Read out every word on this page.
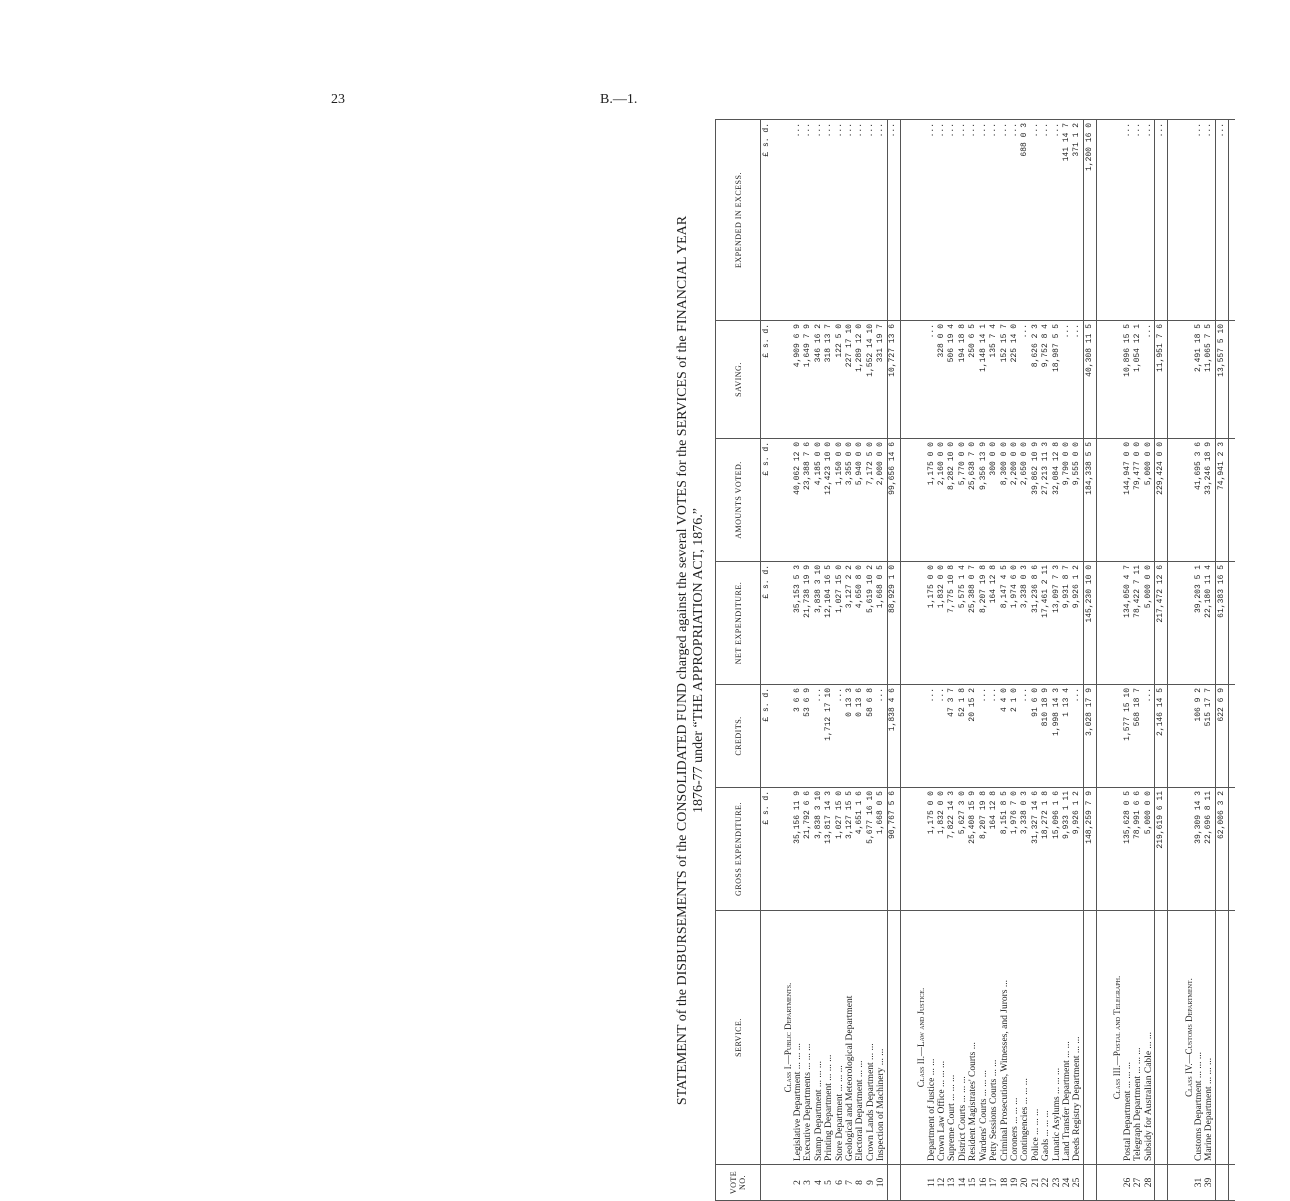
23	B.—1.
STATEMENT of the DISBURSEMENTS of the CONSOLIDATED FUND charged against the several VOTES for the SERVICES of the FINANCIAL YEAR 1876-77 under “THE APPROPRIATION ACT, 1876.”
VOTE NO.	SERVICE.	GROSS EXPENDITURE.	CREDITS.	NET EXPENDITURE.	AMOUNTS VOTED.	SAVING.	EXPENDED IN EXCESS.
		£ s. d.	£ s. d.	£ s. d.	£ s. d.	£ s. d.	£ s. d.
	Class I.—Public Departments.						
2	Legislative Department ... ... ...	35,156 11 9	3 6 6	35,153 5 3	40,062 12 0	4,909 6 9	...
3	Executive Departments ... ... ...	21,792 6 6	53 6 9	21,738 19 9	23,388 7 6	1,649 7 9	...
4	Stamp Department ... ... ...	3,838 3 10	...	3,838 3 10	4,185 0 0	346 16 2	...
5	Printing Department ... ... ...	13,817 14 3	1,712 17 10	12,104 16 5	12,423 10 0	318 13 7	...
6	Store Department ... ... ...	1,027 15 0	...	1,027 15 0	1,150 0 0	122 5 0	...
7	Geological and Meteorological Department	3,127 15 5	0 13 3	3,127 2 2	3,355 0 0	227 17 10	...
8	Electoral Department ... ...	4,651 1 6	0 13 6	4,650 8 0	5,940 0 0	1,289 12 0	...
9	Crown Lands Department ... ...	5,677 16 10	58 6 8	5,619 10 2	7,172 5 0	1,552 14 10	...
10	Inspection of Machinery ... ...	1,668 0 5	...	1,668 0 5	2,000 0 0	331 19 7	...
		90,767 5 6	1,838 4 6	88,929 1 0	99,656 14 6	10,727 13 6	...

	Class II.—Law and Justice.						
11	Department of Justice ... ...	1,175 0 0	...	1,175 0 0	1,175 0 0	...	...
12	Crown Law Office ... ... ...	1,832 0 0	...	1,832 0 0	2,160 0 0	328 0 0	...
13	Supreme Court ... ... ...	7,822 14 3	47 3 7	7,775 10 8	8,282 10 0	506 19 4	...
14	District Courts ... ... ...	5,627 3 0	52 1 8	5,575 1 4	5,770 0 0	194 18 8	...
15	Resident Magistrates' Courts ...	25,408 15 9	20 15 2	25,388 0 7	25,638 7 0	250 6 5	...
16	Wardens' Courts ... ... ...	8,207 19 8	...	8,207 19 8	9,356 13 9	1,148 14 1	...
17	Petty Sessions Courts ... ...	164 12 8	...	164 12 8	300 0 0	135 7 4	...
18	Criminal Prosecutions, Witnesses, and Jurors ...	8,151 8 5	4 4 0	8,147 4 5	8,300 0 0	152 15 7	...
19	Coroners ... ... ...	1,976 7 0	2 1 0	1,974 6 0	2,200 0 0	225 14 0	...
20	Contingencies ... ... ...	3,338 0 3	...	3,338 0 3	2,650 0 0	...	688 0 3
21	Police ... ... ...	31,327 14 6	91 6 0	31,236 8 6	39,862 10 9	8,626 2 3	...
22	Gaols ... ... ...	18,272 1 8	810 18 9	17,461 2 11	27,213 11 3	9,752 8 4	...
23	Lunatic Asylums ... ... ...	15,096 1 6	1,998 14 3	13,097 7 3	32,084 12 8	18,987 5 5	...
24	Land Transfer Department ... ...	9,933 1 11	1 13 4	9,931 8 7	9,790 0 0	...	141 14 7
25	Deeds Registry Department ... ...	9,926 1 2	...	9,926 1 2	9,555 0 0	...	371 1 2
		148,259 7 9	3,028 17 9	145,230 10 0	184,338 5 5	40,308 11 5	1,200 16 0

	Class III.—Postal and Telegraph.						
26	Postal Department ... ... ...	135,628 0 5	1,577 15 10	134,050 4 7	144,947 0 0	10,896 15 5	...
27	Telegraph Department ... ... ...	78,991 6 6	568 18 7	78,422 7 11	79,477 0 0	1,054 12 1	...
28	Subsidy for Australian Cable ... ...	5,000 0 0	...	5,000 0 0	5,000 0 0	...	...
		219,619 6 11	2,146 14 5	217,472 12 6	229,424 0 0	11,951 7 6	...

	Class IV.—Customs Department.						
31	Customs Department ... ... ...	39,309 14 3	106 9 2	39,203 5 1	41,695 3 6	2,491 18 5	...
39	Marine Department ... ... ...	22,696 8 11	515 17 7	22,180 11 4	33,246 18 9	11,065 7 5	...
		62,006 3 2	622 6 9	61,383 16 5	74,941 2 3	13,557 5 10	...
